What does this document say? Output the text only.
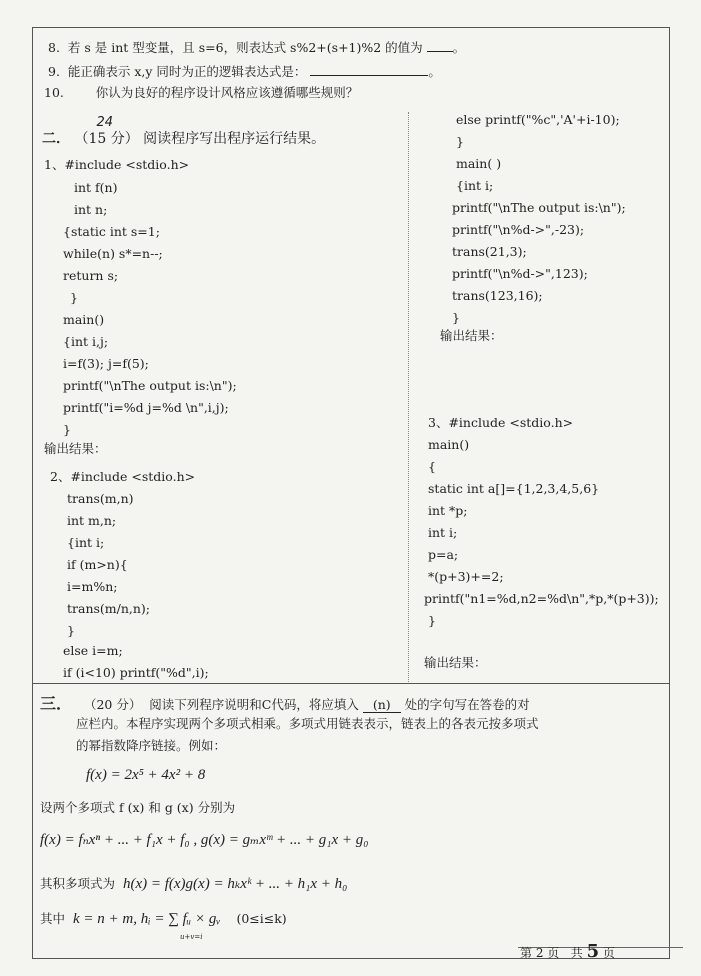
8. 若 s 是 int 型变量，且 s=6，则表达式 s%2+(s+1)%2 的值为 。
9. 能正确表示 x,y 同时为正的逻辑表达式是：	。
10.	你认为良好的程序设计风格应该遵循哪些规则？
二．
24
（15 分） 阅读程序写出程序运行结果。
1、#include <stdio.h>
int f(n)
int n;
{static int s=1;
while(n) s*=n--;
return s;
}
main()
{int i,j;
i=f(3); j=f(5);
printf("\nThe output is:\n");
printf("i=%d j=%d \n",i,j);
}
输出结果：
2、#include <stdio.h>
trans(m,n)
int m,n;
{int i;
if (m>n){
i=m%n;
trans(m/n,n);
}
else i=m;
if (i<10) printf("%d",i);
else printf("%c",'A'+i-10);
}
main( )
{int i;
printf("\nThe output is:\n");
printf("\n%d->",-23);
trans(21,3);
printf("\n%d->",123);
trans(123,16);
}
输出结果：
3、#include <stdio.h>
main()
{
static int a[]={1,2,3,4,5,6}
int *p;
int i;
p=a;
*(p+3)+=2;
printf("n1=%d,n2=%d\n",*p,*(p+3));
}
输出结果：
三． （20 分） 阅读下列程序说明和C代码，将应填入 (n) 处的字句写在答卷的对
应栏内。本程序实现两个多项式相乘。多项式用链表表示，链表上的各表元按多项式
的幂指数降序链接。例如：
f(x) = 2x⁵ + 4x² + 8
设两个多项式 f (x) 和 g (x) 分别为
f(x) = fₙxⁿ + ... + f₁x + f₀ , g(x) = gₘxᵐ + ... + g₁x + g₀
其积多项式为 h(x) = f(x)g(x) = hₖxᵏ + ... + h₁x + h₀
其中 k = n + m, hᵢ = ∑ fᵤ × gᵥ (0≤i≤k)
u+v=i
第 2 页 共 5 页
